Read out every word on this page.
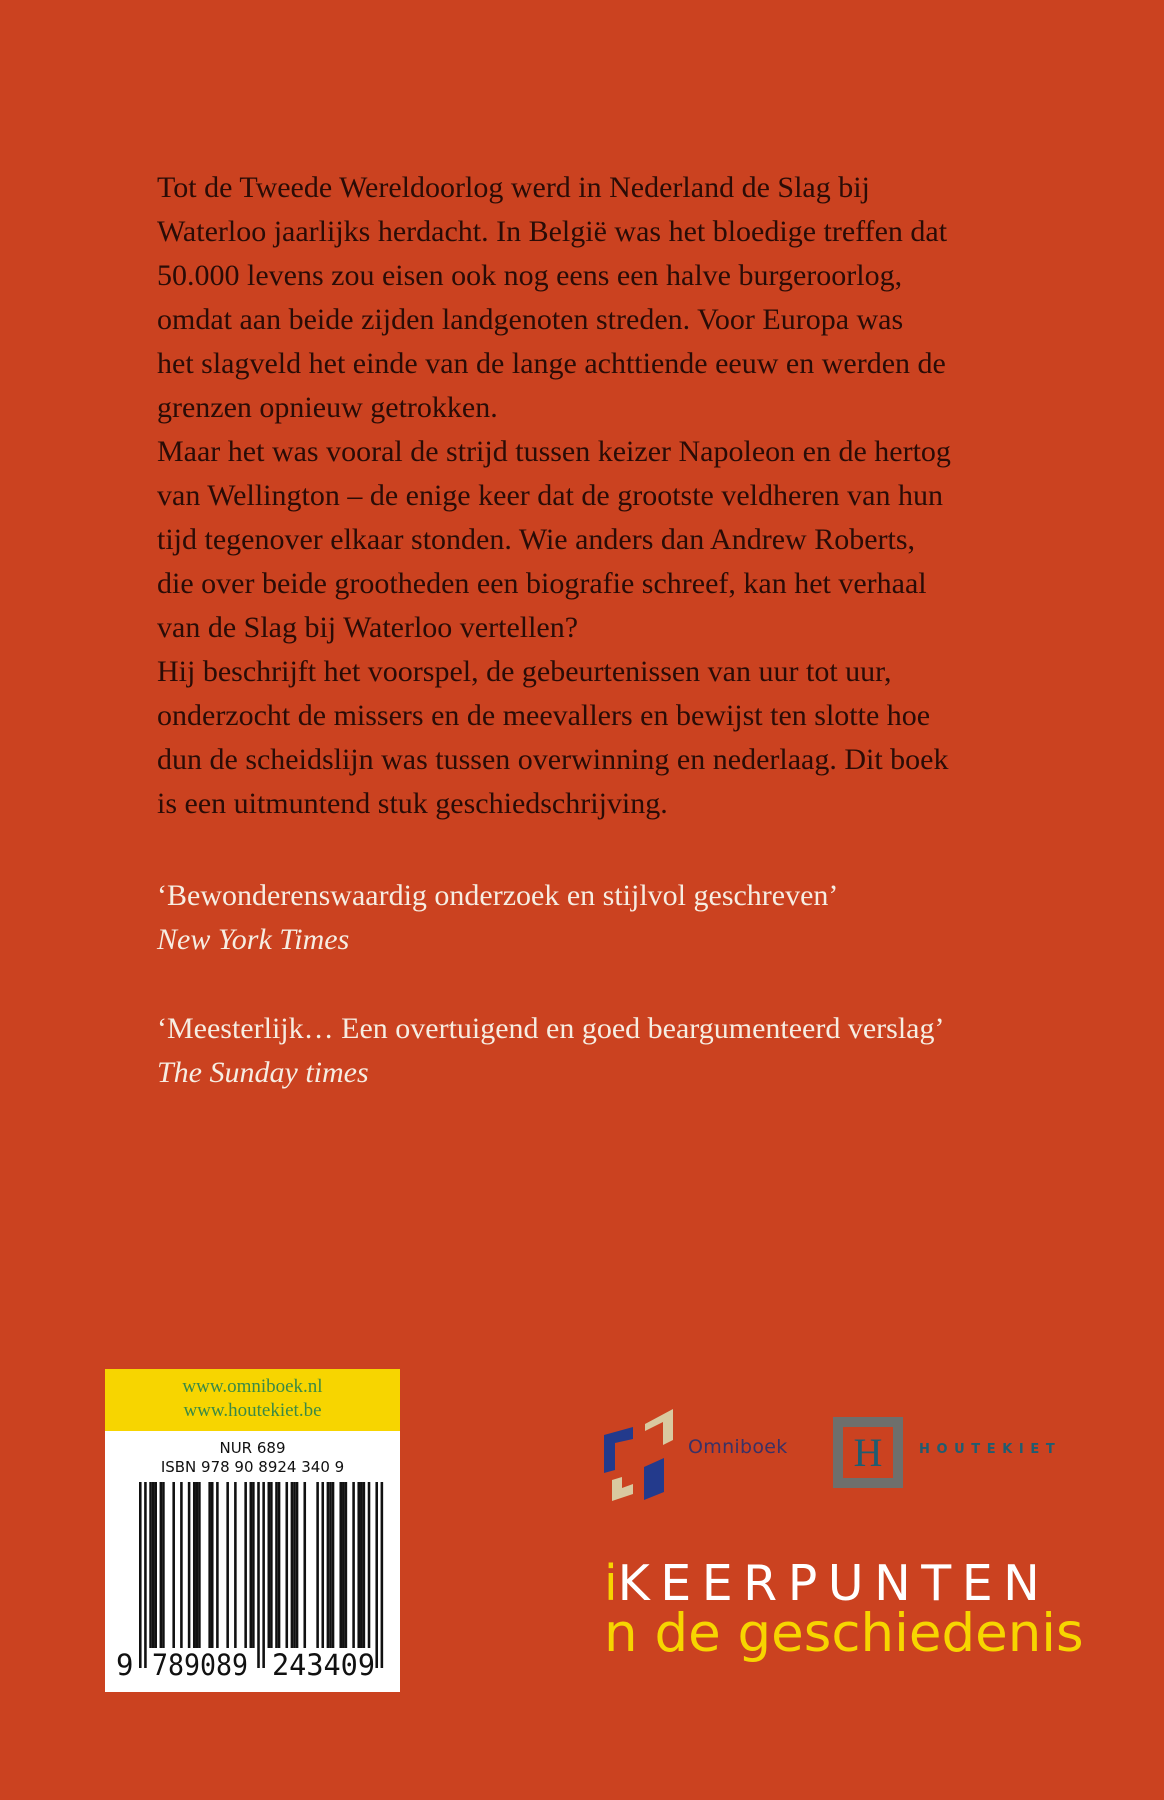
Tot de Tweede Wereldoorlog werd in Nederland de Slag bij
Waterloo jaarlijks herdacht. In België was het bloedige treffen dat
50.000 levens zou eisen ook nog eens een halve burgeroorlog,
omdat aan beide zijden landgenoten streden. Voor Europa was
het slagveld het einde van de lange achttiende eeuw en werden de
grenzen opnieuw getrokken.
Maar het was vooral de strijd tussen keizer Napoleon en de hertog
van Wellington – de enige keer dat de grootste veldheren van hun
tijd tegenover elkaar stonden. Wie anders dan Andrew Roberts,
die over beide grootheden een biografie schreef, kan het verhaal
van de Slag bij Waterloo vertellen?
Hij beschrijft het voorspel, de gebeurtenissen van uur tot uur,
onderzocht de missers en de meevallers en bewijst ten slotte hoe
dun de scheidslijn was tussen overwinning en nederlaag. Dit boek
is een uitmuntend stuk geschiedschrijving.
‘Bewonderenswaardig onderzoek en stijlvol geschreven’
New York Times
‘Meesterlijk… Een overtuigend en goed beargumenteerd verslag’
The Sunday times
www.omniboek.nl
www.houtekiet.be
NUR 689
ISBN 978 90 8924 340 9
9 789089 243409
Omniboek H	HOUTEKIET
iKEERPUNTEN
n de geschiedenis
